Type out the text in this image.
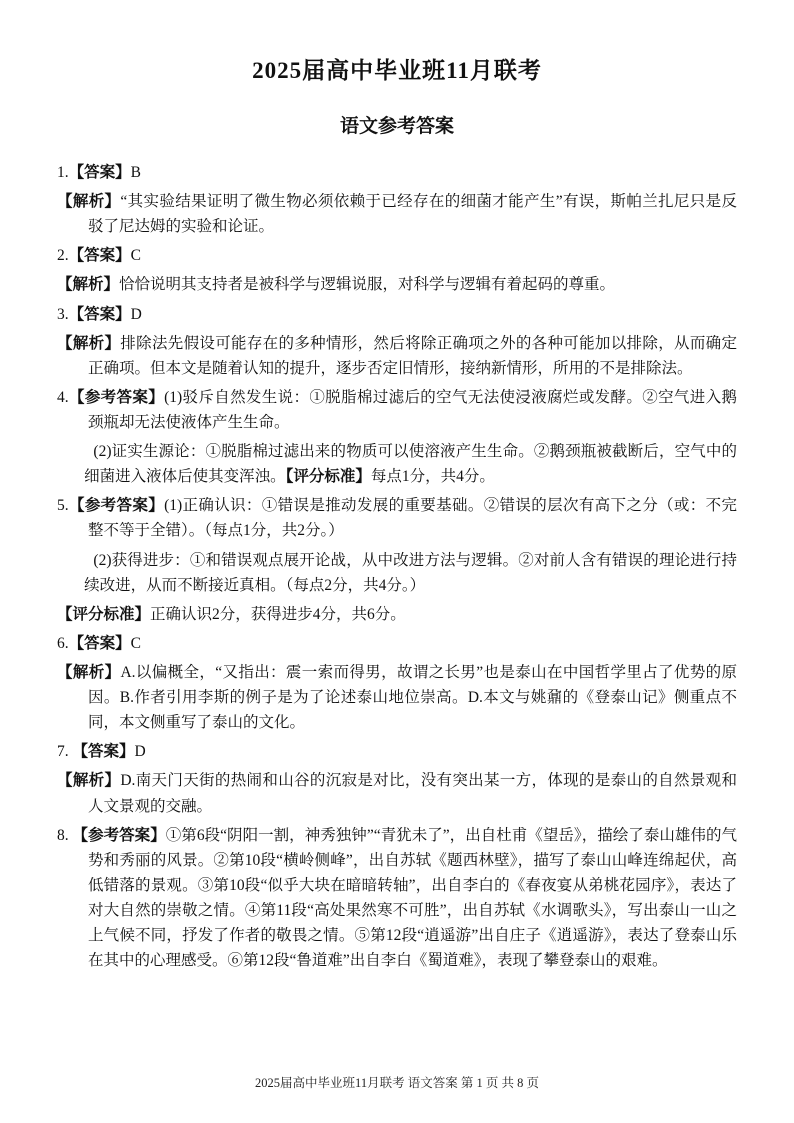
2025届高中毕业班11月联考
语文参考答案

1.【答案】B

【解析】“其实验结果证明了微生物必须依赖于已经存在的细菌才能产生”有误，斯帕兰扎尼只是反驳了尼达姆的实验和论证。

2.【答案】C

【解析】恰恰说明其支持者是被科学与逻辑说服，对科学与逻辑有着起码的尊重。

3.【答案】D

【解析】排除法先假设可能存在的多种情形，然后将除正确项之外的各种可能加以排除，从而确定正确项。但本文是随着认知的提升，逐步否定旧情形，接纳新情形，所用的不是排除法。

4.【参考答案】(1)驳斥自然发生说：①脱脂棉过滤后的空气无法使浸液腐烂或发酵。②空气进入鹅颈瓶却无法使液体产生生命。

(2)证实生源论：①脱脂棉过滤出来的物质可以使溶液产生生命。②鹅颈瓶被截断后，空气中的细菌进入液体后使其变浑浊。【评分标准】每点1分，共4分。

5.【参考答案】(1)正确认识：①错误是推动发展的重要基础。②错误的层次有高下之分（或：不完整不等于全错）。（每点1分，共2分。）

(2)获得进步：①和错误观点展开论战，从中改进方法与逻辑。②对前人含有错误的理论进行持续改进，从而不断接近真相。（每点2分，共4分。）

【评分标准】正确认识2分，获得进步4分，共6分。

6.【答案】C

【解析】A.以偏概全，“又指出：震一索而得男，故谓之长男”也是泰山在中国哲学里占了优势的原因。B.作者引用李斯的例子是为了论述泰山地位崇高。D.本文与姚鼐的《登泰山记》侧重点不同，本文侧重写了泰山的文化。

7. 【答案】D

【解析】D.南天门天街的热闹和山谷的沉寂是对比，没有突出某一方，体现的是泰山的自然景观和人文景观的交融。

8. 【参考答案】①第6段“阴阳一割，神秀独钟”“青犹未了”，出自杜甫《望岳》，描绘了泰山雄伟的气势和秀丽的风景。②第10段“横岭侧峰”，出自苏轼《题西林壁》，描写了泰山山峰连绵起伏，高低错落的景观。③第10段“似乎大块在暗暗转轴”，出自李白的《春夜宴从弟桃花园序》，表达了对大自然的崇敬之情。④第11段“高处果然寒不可胜”，出自苏轼《水调歌头》，写出泰山一山之上气候不同，抒发了作者的敬畏之情。⑤第12段“逍遥游”出自庄子《逍遥游》，表达了登泰山乐在其中的心理感受。⑥第12段“鲁道难”出自李白《蜀道难》，表现了攀登泰山的艰难。

2025届高中毕业班11月联考 语文答案 第 1 页 共 8 页
